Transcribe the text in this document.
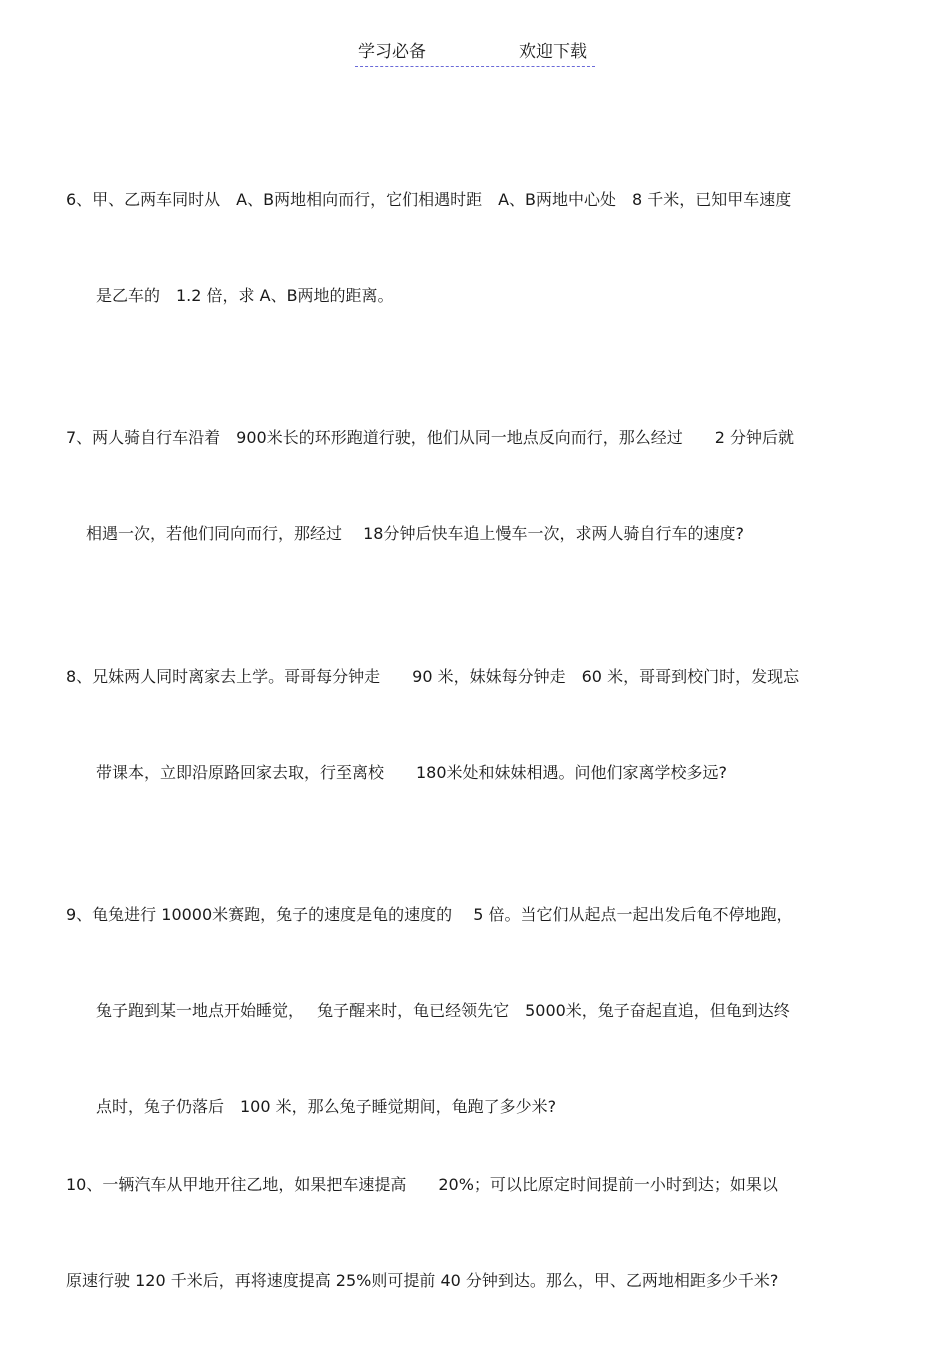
学习必备	欢迎下载

6、甲、乙两车同时从　A、B两地相向而行，它们相遇时距　A、B两地中心处　8 千米，已知甲车速度

是乙车的　1.2 倍，求 A、B两地的距离。

7、两人骑自行车沿着　900米长的环形跑道行驶，他们从同一地点反向而行，那么经过　　2 分钟后就

相遇一次，若他们同向而行，那经过　 18分钟后快车追上慢车一次，求两人骑自行车的速度?

8、兄妹两人同时离家去上学。哥哥每分钟走　　90 米，妹妹每分钟走　60 米，哥哥到校门时，发现忘

带课本，立即沿原路回家去取，行至离校　　180米处和妹妹相遇。问他们家离学校多远?

9、龟兔进行 10000米赛跑，兔子的速度是龟的速度的　 5 倍。当它们从起点一起出发后龟不停地跑，

兔子跑到某一地点开始睡觉，　 兔子醒来时，龟已经领先它　5000米，兔子奋起直追，但龟到达终

点时，兔子仍落后　100 米，那么兔子睡觉期间，龟跑了多少米?

10、一辆汽车从甲地开往乙地，如果把车速提高　　20%；可以比原定时间提前一小时到达；如果以

原速行驶 120 千米后，再将速度提高 25%则可提前 40 分钟到达。那么，甲、乙两地相距多少千米?
